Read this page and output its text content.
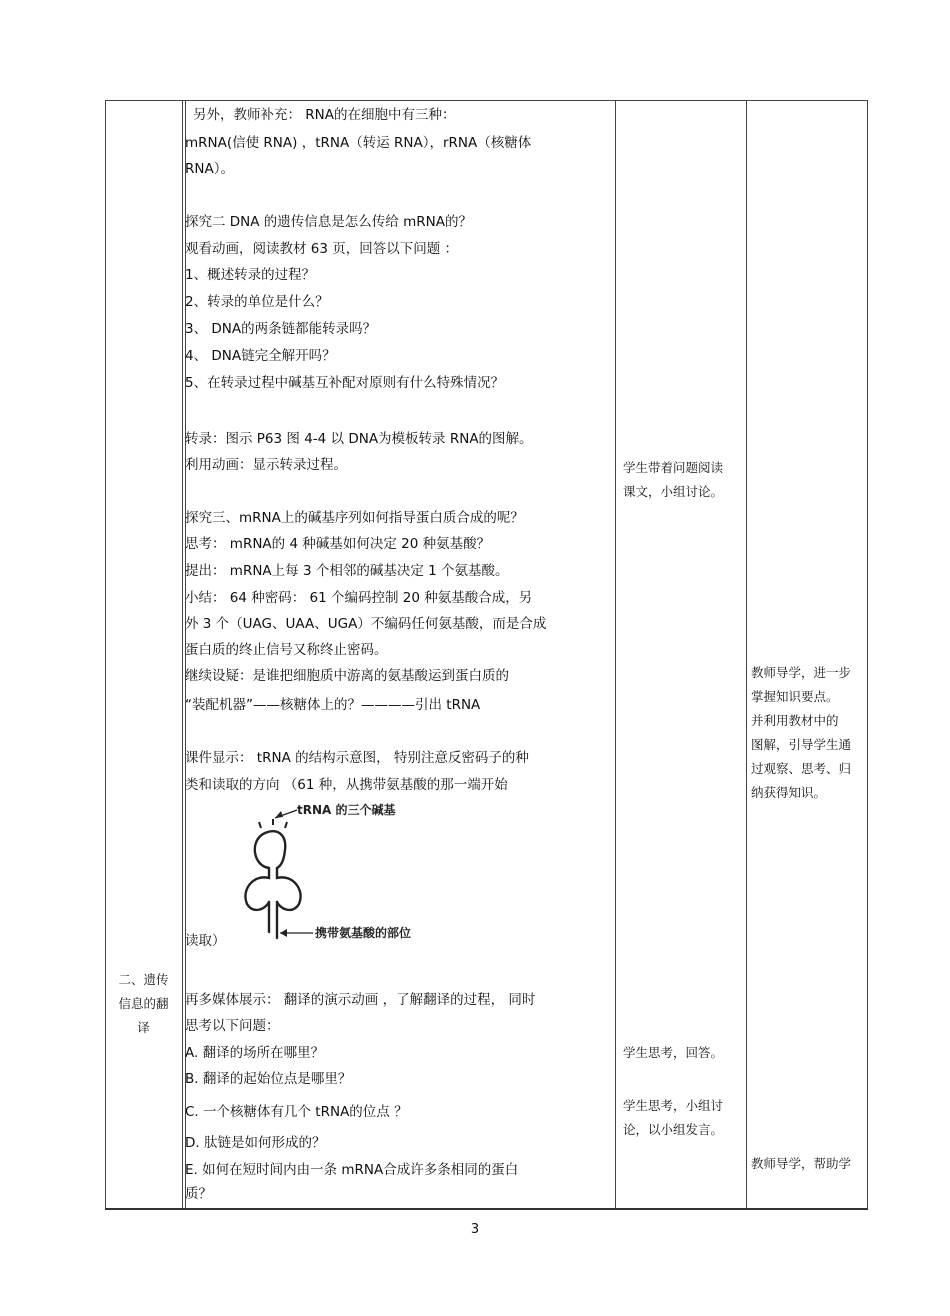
二、遗传
信息的翻
译

另外，教师补充： RNA的在细胞中有三种：

mRNA(信使 RNA) ，tRNA（转运 RNA），rRNA（核糖体

RNA）。

探究二 DNA 的遗传信息是怎么传给 mRNA的？

观看动画，阅读教材 63 页，回答以下问题 ：

1、概述转录的过程？

2、转录的单位是什么？

3、 DNA的两条链都能转录吗？

4、 DNA链完全解开吗？

5、在转录过程中碱基互补配对原则有什么特殊情况？

转录：图示 P63 图 4-4 以 DNA为模板转录 RNA的图解。

利用动画：显示转录过程。

探究三、mRNA上的碱基序列如何指导蛋白质合成的呢？

思考： mRNA的 4 种碱基如何决定 20 种氨基酸？

提出： mRNA上每 3 个相邻的碱基决定 1 个氨基酸。

小结： 64 种密码： 61 个编码控制 20 种氨基酸合成，另

外 3 个（UAG、UAA、UGA）不编码任何氨基酸，而是合成

蛋白质的终止信号又称终止密码。

继续设疑：是谁把细胞质中游离的氨基酸运到蛋白质的

“装配机器”——核糖体上的？————引出 tRNA

课件显示： tRNA 的结构示意图， 特别注意反密码子的种

类和读取的方向 （61 种，从携带氨基酸的那一端开始

读取）

再多媒体展示： 翻译的演示动画 ，了解翻译的过程， 同时

思考以下问题：

A. 翻译的场所在哪里？

B. 翻译的起始位点是哪里？

C. 一个核糖体有几个 tRNA的位点 ？

D. 肽链是如何形成的？

E. 如何在短时间内由一条 mRNA合成许多条相同的蛋白

质？

tRNA 的三个碱基
携带氨基酸的部位

学生带着问题阅读

课文，小组讨论。

学生思考，回答。

学生思考，小组讨

论，以小组发言。

教师导学，进一步

掌握知识要点。

并利用教材中的

图解，引导学生通

过观察、思考、归

纳获得知识。

教师导学，帮助学

3
